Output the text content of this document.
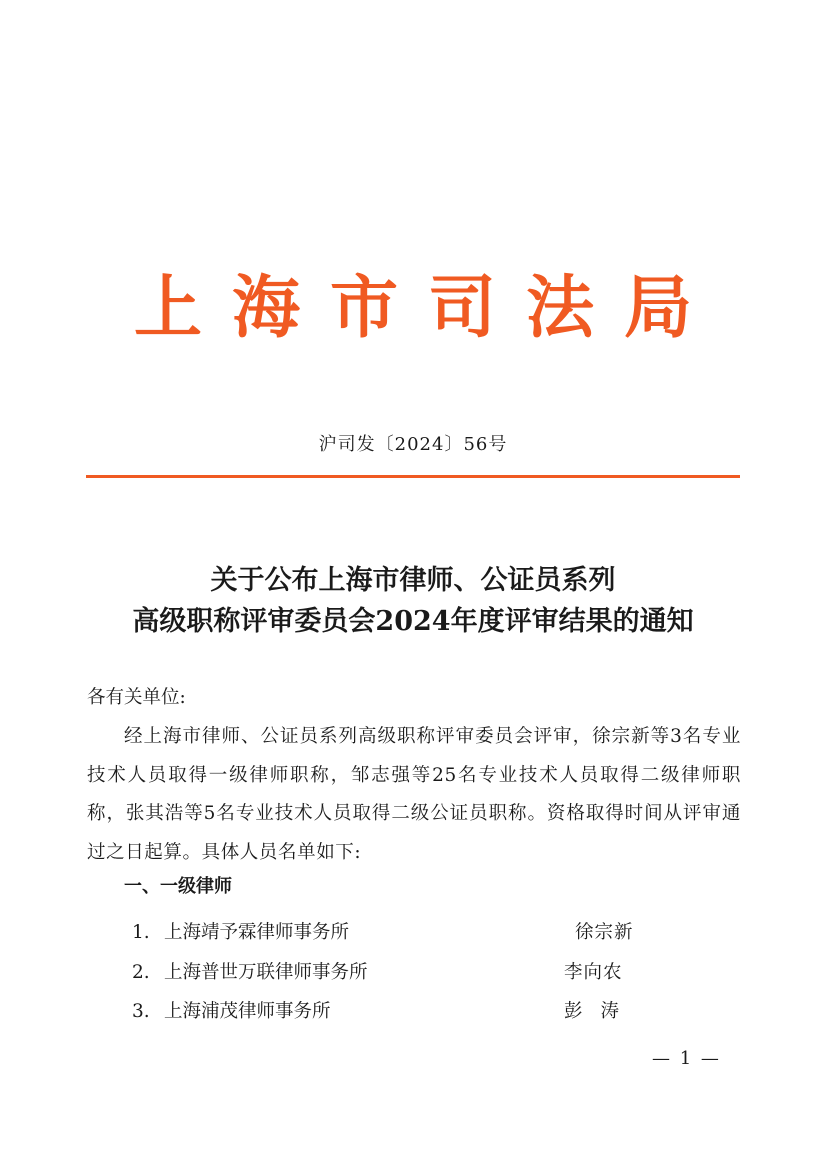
上海市司法局
沪司发〔2024〕56号
关于公布上海市律师、公证员系列
高级职称评审委员会2024年度评审结果的通知
各有关单位:
经上海市律师、公证员系列高级职称评审委员会评审，徐宗新等3名专业技术人员取得一级律师职称，邹志强等25名专业技术人员取得二级律师职称，张其浩等5名专业技术人员取得二级公证员职称。资格取得时间从评审通过之日起算。具体人员名单如下:
一、一级律师
1. 上海靖予霖律师事务所	徐宗新
2. 上海普世万联律师事务所	李向农
3. 上海浦茂律师事务所	彭涛
— 1 —
